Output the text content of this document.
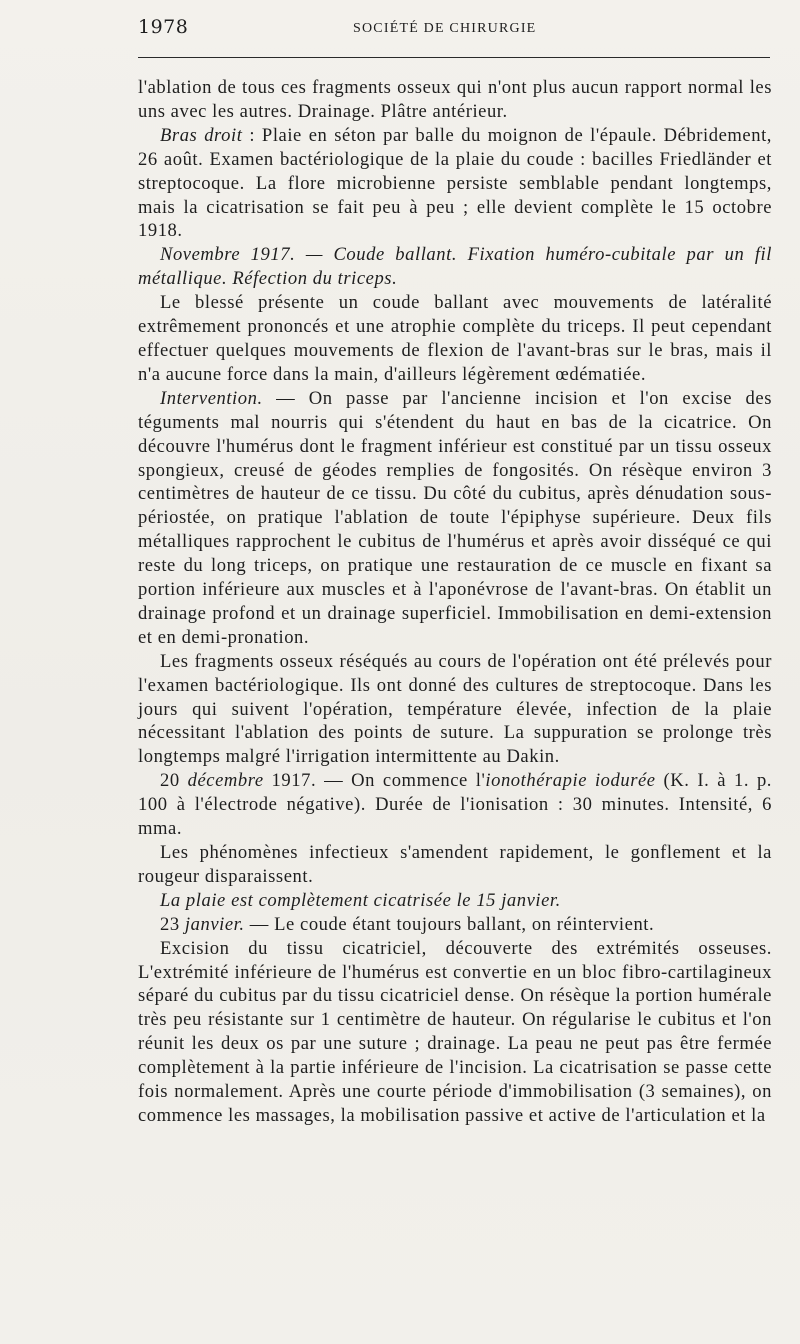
1978	SOCIÉTÉ DE CHIRURGIE

l'ablation de tous ces fragments osseux qui n'ont plus aucun rapport normal les uns avec les autres. Drainage. Plâtre antérieur.

Bras droit : Plaie en séton par balle du moignon de l'épaule. Débridement, 26 août. Examen bactériologique de la plaie du coude : bacilles Friedländer et streptocoque. La flore microbienne persiste semblable pendant longtemps, mais la cicatrisation se fait peu à peu ; elle devient complète le 15 octobre 1918.

Novembre 1917. — Coude ballant. Fixation huméro-cubitale par un fil métallique. Réfection du triceps.

Le blessé présente un coude ballant avec mouvements de latéralité extrêmement prononcés et une atrophie complète du triceps. Il peut cependant effectuer quelques mouvements de flexion de l'avant-bras sur le bras, mais il n'a aucune force dans la main, d'ailleurs légèrement œdématiée.

Intervention. — On passe par l'ancienne incision et l'on excise des téguments mal nourris qui s'étendent du haut en bas de la cicatrice. On découvre l'humérus dont le fragment inférieur est constitué par un tissu osseux spongieux, creusé de géodes remplies de fongosités. On résèque environ 3 centimètres de hauteur de ce tissu. Du côté du cubitus, après dénudation sous-périostée, on pratique l'ablation de toute l'épiphyse supérieure. Deux fils métalliques rapprochent le cubitus de l'humérus et après avoir disséqué ce qui reste du long triceps, on pratique une restauration de ce muscle en fixant sa portion inférieure aux muscles et à l'aponévrose de l'avant-bras. On établit un drainage profond et un drainage superficiel. Immobilisation en demi-extension et en demi-pronation.

Les fragments osseux réséqués au cours de l'opération ont été prélevés pour l'examen bactériologique. Ils ont donné des cultures de streptocoque. Dans les jours qui suivent l'opération, température élevée, infection de la plaie nécessitant l'ablation des points de suture. La suppuration se prolonge très longtemps malgré l'irrigation intermittente au Dakin.

20 décembre 1917. — On commence l'ionothérapie iodurée (K. I. à 1. p. 100 à l'électrode négative). Durée de l'ionisation : 30 minutes. Intensité, 6 mma.

Les phénomènes infectieux s'amendent rapidement, le gonflement et la rougeur disparaissent.

La plaie est complètement cicatrisée le 15 janvier.

23 janvier. — Le coude étant toujours ballant, on réintervient.

Excision du tissu cicatriciel, découverte des extrémités osseuses. L'extrémité inférieure de l'humérus est convertie en un bloc fibro-cartilagineux séparé du cubitus par du tissu cicatriciel dense. On résèque la portion humérale très peu résistante sur 1 centimètre de hauteur. On régularise le cubitus et l'on réunit les deux os par une suture ; drainage. La peau ne peut pas être fermée complètement à la partie inférieure de l'incision. La cicatrisation se passe cette fois normalement. Après une courte période d'immobilisation (3 semaines), on commence les massages, la mobilisation passive et active de l'articulation et la
